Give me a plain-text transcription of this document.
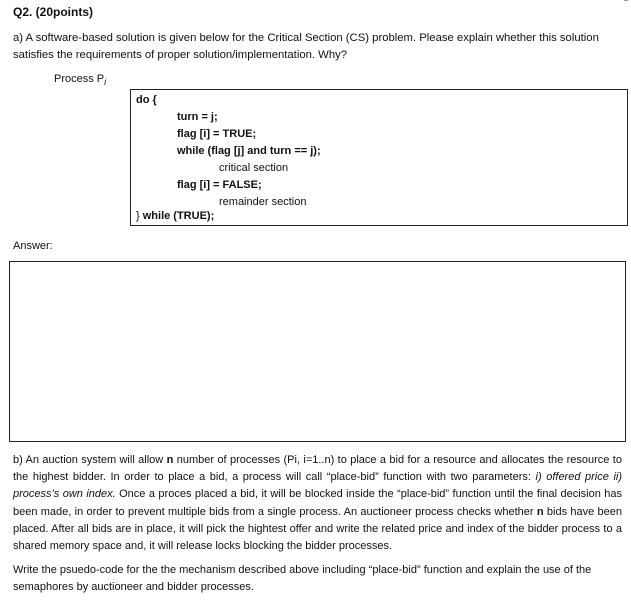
Q2. (20points)
a) A software-based solution is given below for the Critical Section (CS) problem. Please explain whether this solution satisfies the requirements of proper solution/implementation. Why?
Process $P_i$
do {
turn = j;
flag [i] = TRUE;
while (flag [j] and turn == j);
critical section
flag [i] = FALSE;
remainder section
} while (TRUE);
Answer:
b) An auction system will allow n number of processes (Pi, i=1..n) to place a bid for a resource and allocates the resource to the highest bidder. In order to place a bid, a process will call “place-bid” function with two parameters: i) offered price ii) process’s own index. Once a proces placed a bid, it will be blocked inside the “place-bid” function until the final decision has been made, in order to prevent multiple bids from a single process. An auctioneer process checks whether n bids have been placed. After all bids are in place, it will pick the hightest offer and write the related price and index of the bidder process to a shared memory space and, it will release locks blocking the bidder processes.
Write the psuedo-code for the the mechanism described above including “place-bid” function and explain the use of the semaphores by auctioneer and bidder processes.
